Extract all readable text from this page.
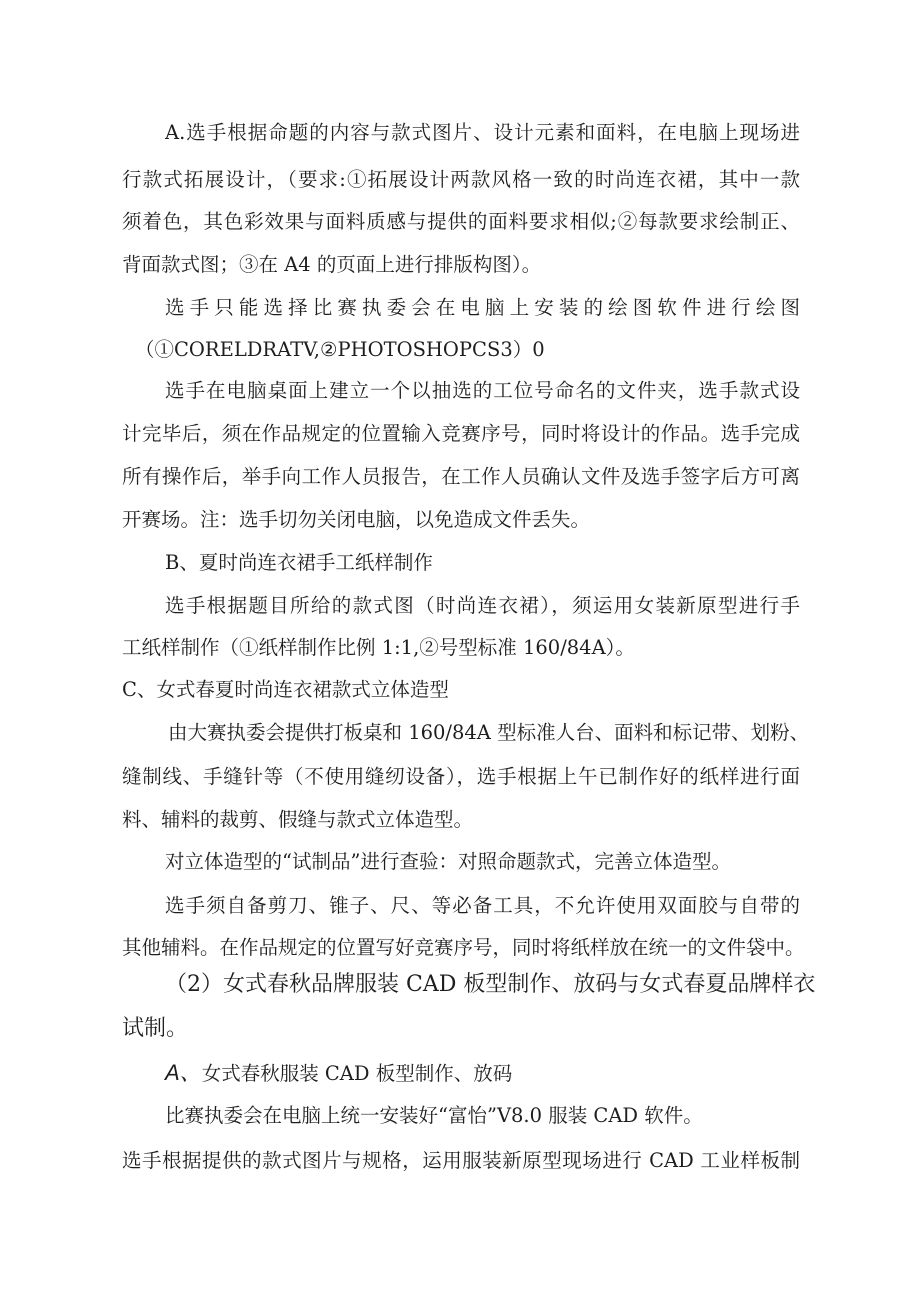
A.选手根据命题的内容与款式图片、设计元素和面料，在电脑上现场进
行款式拓展设计，（要求:①拓展设计两款风格一致的时尚连衣裙，其中一款
须着色，其色彩效果与面料质感与提供的面料要求相似;②每款要求绘制正、
背面款式图；③在 A4 的页面上进行排版构图）。
选手只能选择比赛执委会在电脑上安装的绘图软件进行绘图
（①CORELDRATV,②PHOTOSHOPCS3）0
选手在电脑桌面上建立一个以抽选的工位号命名的文件夹，选手款式设
计完毕后，须在作品规定的位置输入竞赛序号，同时将设计的作品。选手完成
所有操作后，举手向工作人员报告，在工作人员确认文件及选手签字后方可离
开赛场。注：选手切勿关闭电脑，以免造成文件丢失。
B、夏时尚连衣裙手工纸样制作
选手根据题目所给的款式图（时尚连衣裙），须运用女装新原型进行手
工纸样制作（①纸样制作比例 1:1,②号型标准 160/84A）。
C、女式春夏时尚连衣裙款式立体造型
由大赛执委会提供打板桌和 160/84A 型标准人台、面料和标记带、划粉、
缝制线、手缝针等（不使用缝纫设备），选手根据上午已制作好的纸样进行面
料、辅料的裁剪、假缝与款式立体造型。
对立体造型的“试制品”进行查验：对照命题款式，完善立体造型。
选手须自备剪刀、锥子、尺、等必备工具，不允许使用双面胶与自带的
其他辅料。在作品规定的位置写好竞赛序号，同时将纸样放在统一的文件袋中。
（2）女式春秋品牌服装 CAD 板型制作、放码与女式春夏品牌样衣
试制。
A、女式春秋服装 CAD 板型制作、放码
比赛执委会在电脑上统一安装好“富怡”V8.0 服装 CAD 软件。
选手根据提供的款式图片与规格，运用服装新原型现场进行 CAD 工业样板制
